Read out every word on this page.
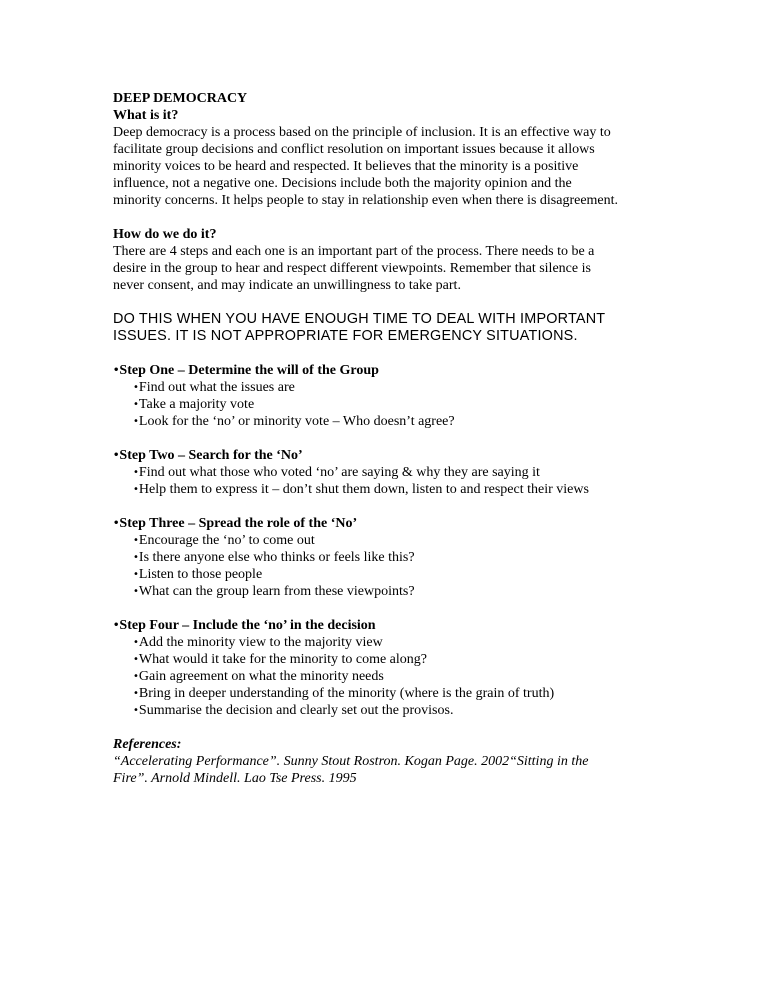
DEEP DEMOCRACY
What is it?
Deep democracy is a process based on the principle of inclusion. It is an effective way to
facilitate group decisions and conflict resolution on important issues because it allows
minority voices to be heard and respected. It believes that the minority is a positive
influence, not a negative one. Decisions include both the majority opinion and the
minority concerns. It helps people to stay in relationship even when there is disagreement.
How do we do it?
There are 4 steps and each one is an important part of the process. There needs to be a
desire in the group to hear and respect different viewpoints. Remember that silence is
never consent, and may indicate an unwillingness to take part.
DO THIS WHEN YOU HAVE ENOUGH TIME TO DEAL WITH IMPORTANT
ISSUES. IT IS NOT APPROPRIATE FOR EMERGENCY SITUATIONS.
•Step One – Determine the will of the Group
•Find out what the issues are
•Take a majority vote
•Look for the ‘no’ or minority vote – Who doesn’t agree?
•Step Two – Search for the ‘No’
•Find out what those who voted ‘no’ are saying & why they are saying it
•Help them to express it – don’t shut them down, listen to and respect their views
•Step Three – Spread the role of the ‘No’
•Encourage the ‘no’ to come out
•Is there anyone else who thinks or feels like this?
•Listen to those people
•What can the group learn from these viewpoints?
•Step Four – Include the ‘no’ in the decision
•Add the minority view to the majority view
•What would it take for the minority to come along?
•Gain agreement on what the minority needs
•Bring in deeper understanding of the minority (where is the grain of truth)
•Summarise the decision and clearly set out the provisos.
References:
“Accelerating Performance”. Sunny Stout Rostron. Kogan Page. 2002“Sitting in the
Fire”. Arnold Mindell. Lao Tse Press. 1995
